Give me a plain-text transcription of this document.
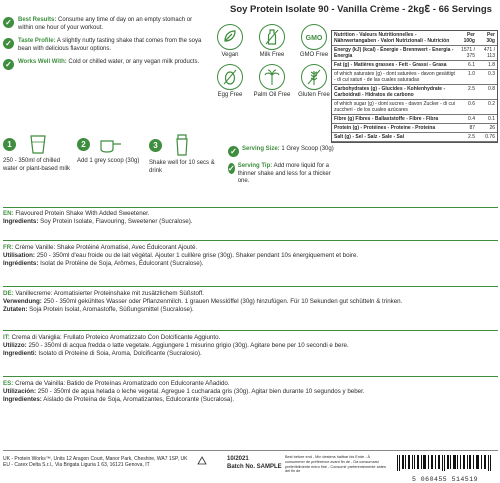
Soy Protein Isolate 90 - Vanilla Crème - 2kgℇ - 66 Servings
✓	Best Results: Consume any time of day on an empty stomach or within one hour of your workout.
✓	Taste Profile: A slightly nutty tasting shake that comes from the soya bean with delicious flavour options.
✓	Works Well With: Cold or chilled water, or any vegan milk products.
Vegan	Milk Free
GMO
GMO Free
Egg Free	Palm Oil Free	Gluten Free
1
250 - 350ml of chilled water or plant-based milk
2
Add 1 grey scoop (30g)
3
Shake well for 10 secs & drink
✓ Serving Size: 1 Grey Scoop (30g)
✓ Serving Tip: Add more liquid for a thinner shake and less for a thicker one.
Nutrition - Valeurs Nutritionnelles - Nährwertangaben - Valori Nutrizionali - Nutrición	Per 100g	Per 30g
Energy (kJ) (kcal) - Énergie - Brennwert - Energia - Energía	1571 / 375	471 / 113
Fat (g) - Matières grasses - Fett - Grassi - Grasa	6.1	1.8
of which saturates (g) - dont saturées - davon gesättigt - di cui saturi - de las cuales saturadas	1.0	0.3
Carbohydrates (g) - Glucides - Kohlenhydrate - Carboidrati - Hidratos de carbono	2.5	0.8
of which sugar (g) - dont sucres - davon Zucker - di cui zuccheri - de los cuales azúcares	0.6	0.2
Fibre (g) Fibres - Ballaststoffe - Fibre - Fibra	0.4	0.1
Protein (g) - Protéines - Proteine - Proteína	87	26
Salt (g) - Sel - Salz - Sale - Sal	2.5	0.76
EN: Flavoured Protein Shake With Added Sweetener.
Ingredients: Soy Protein Isolate, Flavouring, Sweetener (Sucralose).
FR: Crème Vanille: Shake Protéiné Aromatisé, Avec Édulcorant Ajouté.
Utilisation: 250 - 350ml d'eau froide ou de lait végétal. Ajouter 1 cuillère grise (30g). Shaker pendant 10s énergiquement et boire.
Ingrédients: Isolat de Protéine de Soja, Arômes, Édulcorant (Sucralose).
DE: Vanillecreme: Aromatisierter Proteinshake mit zusätzlichem Süßstoff.
Verwendung: 250 - 350ml gekühltes Wasser oder Pflanzenmilch. 1 grauen Messlöffel (30g) hinzufügen. Für 10 Sekunden gut schütteln & trinken.
Zutaten: Soja Protein Isolat, Aromastoffe, Süßungsmittel (Sucralose).
IT: Crema di Vaniglia: Frullato Proteico Aromatizzato Con Dolcificante Aggiunto.
Utilizzo: 250 - 350ml di acqua fredda o latte vegetale. Aggiungere 1 misurino grigio (30g). Agitare bene per 10 secondi e bere.
Ingredienti: Isolato di Proteine di Soia, Aroma, Dolcificante (Sucralosio).
ES: Crema de Vainilla: Batido de Proteínas Aromatizado con Edulcorante Añadido.
Utilización: 250 - 350ml de agua helada o leche vegetal. Agregue 1 cucharada gris (30g). Agitar bien durante 10 segundos y beber.
Ingredientes: Aislado de Proteína de Soja, Aromatizantes, Edulcorante (Sucralosa).
UK - Protein Works™, Units 12 Aragon Court, Manor Park, Cheshire, WA7 1SP, UK
EU - Carex Delta S.r.l., Via Brigata Liguria 1 63, 16121 Genova, IT
10/2021
Batch No. SAMPLE
Best before end - Min destens haltbar bis Ende - À consommer de préférence avant fin de - Da consumarsi preferibilmente entro fine - Consumir preferentemente antes del fin de
5 060455 514519
